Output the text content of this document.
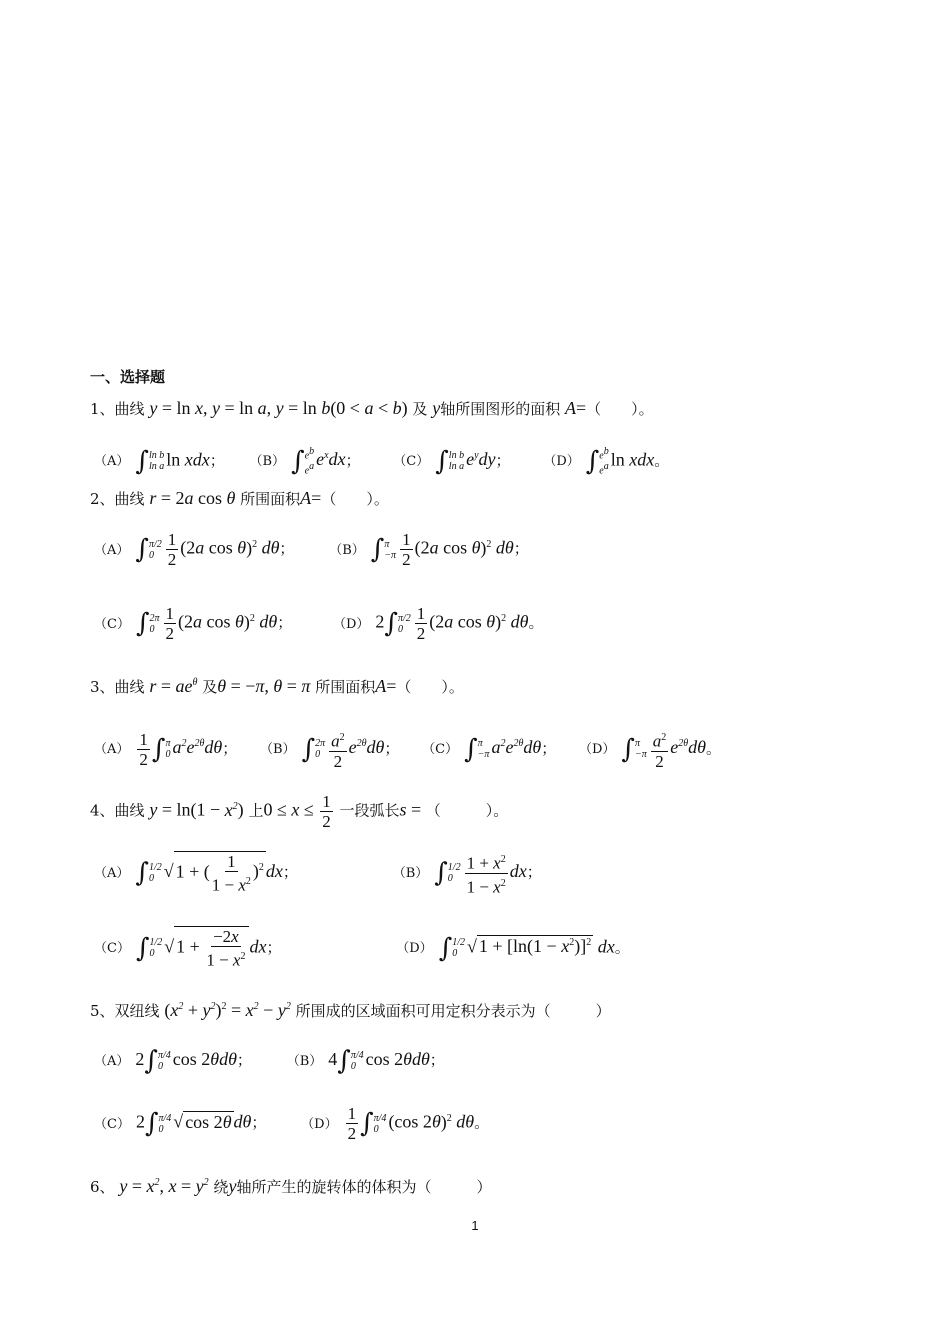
一、选择题
1、曲线 y = ln x, y = ln a, y = ln b(0 < a < b) 及 y轴所围图形的面积 A=（　　）。
（A） ∫ ln b
ln a ln xdx； （B） ∫ $e^b$
$e^a$ $e^xdx$； （C） ∫ ln b
ln a $e^ydy$； （D） ∫ $e^b$
$e^a$ ln xdx。
2、曲线 r = 2a cos θ 所围面积A=（　　）。
（A） ∫ π/2
$0 \frac{1}{2} (2a$ cos θ)$^2$ dθ； （B） ∫ π
$-\pi \frac{1}{2} (2a$ cos θ)$^2$ dθ；
（C） ∫ 2π
$0 \frac{1}{2} (2a$ cos θ)$^2$ dθ；	（D） 2∫ π/2
$0 \frac{1}{2} (2a$ cos θ)$^2$ dθ。
3、曲线 $r = ae^\theta$ 及θ = −π, θ = π 所围面积A=（　　）。
$(A) \frac{1}{2}$ ∫ π
0 $a^2e^{2\theta}d\theta$； （B） ∫ 2π
$0 \frac{a^2}{2} e^{2\theta}d\theta$； （C） ∫ π
−π $a^2e^{2\theta}d\theta$； （D） ∫ π
$-\pi \frac{a^2}{2} e^{2\theta}d\theta$。
4、曲线 $y = \ln(1 - x^2)$ 上$0 \le x \le \frac{1}{2}$ 一段弧长s = （　　　）。
（A） ∫ 1/2
0 √ 1 + ( $\frac{1}{1 - x^2} )^2$ dx；	（B） ∫ 1/2
$0 \frac{1 + x^2}{1 - x^2}$ dx；
（C） ∫ 1/2
0 √ $1 + \frac{-2x}{1 - x^2}$ dx；	（D） ∫ 1/2
0 √ $1 + [\ln(1 - x^2)]^2$ dx。
5、双纽线 $(x^2 + y^2)^2 = x^2 - y^2$ 所围成的区域面积可用定积分表示为（　　　）
（A） 2∫ π/4
0 cos 2θdθ； （B） 4∫ π/4
0 cos 2θdθ；
（C） 2∫ π/4
0 √ cos 2θ dθ； $(D) \frac{1}{2}$ ∫ π/4
0 (cos 2θ)$^2$ dθ。
6、 $y = x^2$, $x = y^2$ 绕y轴所产生的旋转体的体积为（　　　）
1
